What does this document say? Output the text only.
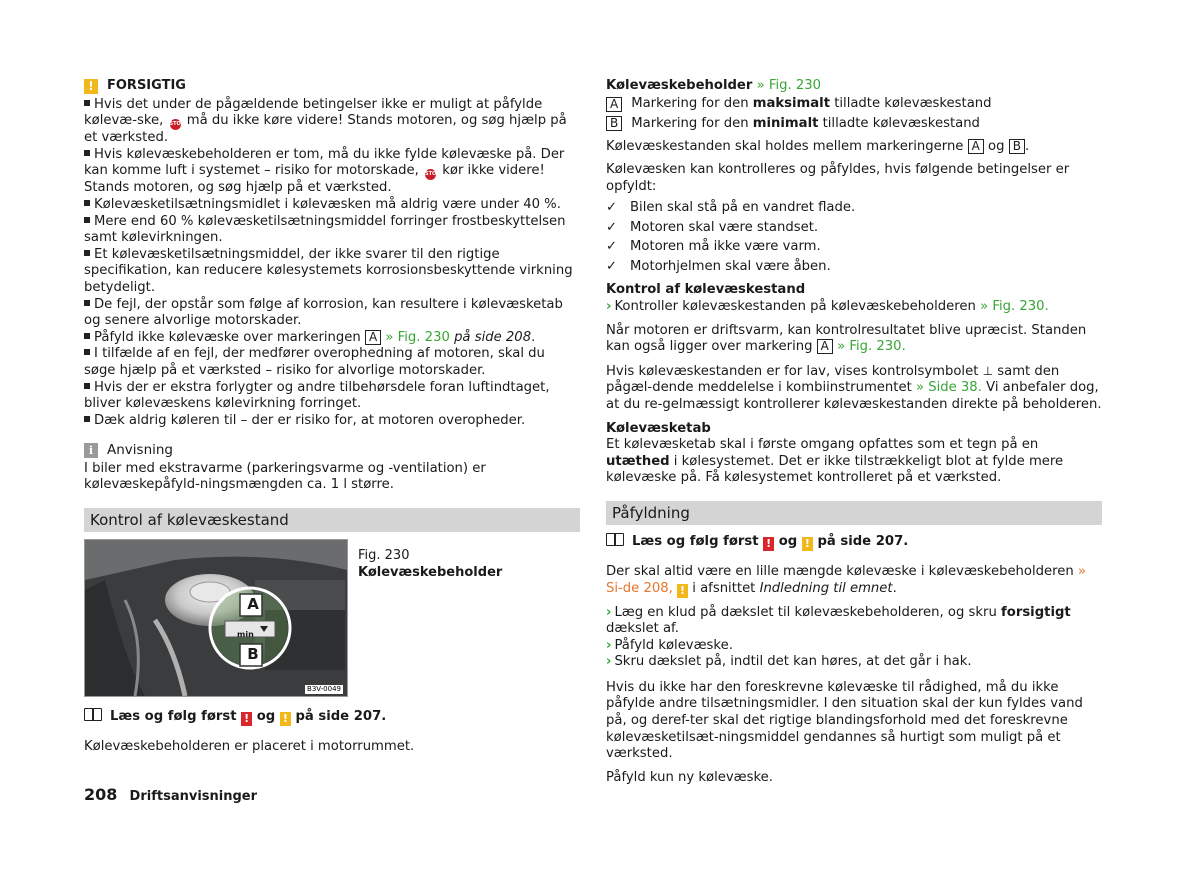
!	FORSIGTIG

Hvis det under de pågældende betingelser ikke er muligt at påfylde kølevæ-ske, STOP må du ikke køre videre! Stands motoren, og søg hjælp på et værksted.

Hvis kølevæskebeholderen er tom, må du ikke fylde kølevæske på. Der kan komme luft i systemet – risiko for motorskade, STOP kør ikke videre! Stands motoren, og søg hjælp på et værksted.

Kølevæsketilsætningsmidlet i kølevæsken må aldrig være under 40 %.

Mere end 60 % kølevæsketilsætningsmiddel forringer frostbeskyttelsen samt kølevirkningen.

Et kølevæsketilsætningsmiddel, der ikke svarer til den rigtige specifikation, kan reducere kølesystemets korrosionsbeskyttende virkning betydeligt.

De fejl, der opstår som følge af korrosion, kan resultere i kølevæsketab og senere alvorlige motorskader.

Påfyld ikke kølevæske over markeringen A » Fig. 230 på side 208.

I tilfælde af en fejl, der medfører overophedning af motoren, skal du søge hjælp på et værksted – risiko for alvorlige motorskader.

Hvis der er ekstra forlygter og andre tilbehørsdele foran luftindtaget, bliver kølevæskens kølevirkning forringet.

Dæk aldrig køleren til – der er risiko for, at motoren overopheder.

i	Anvisning

I biler med ekstravarme (parkeringsvarme og -ventilation) er kølevæskepåfyld-ningsmængden ca. 1 l større.

Kontrol af kølevæskestand
A
B
min
B3V-0049
Fig. 230
Kølevæskebeholder

Læs og følg først ! og ! på side 207.

Kølevæskebeholderen er placeret i motorrummet.

Kølevæskebeholder » Fig. 230

A Markering for den maksimalt tilladte kølevæskestand
B Markering for den minimalt tilladte kølevæskestand

Kølevæskestanden skal holdes mellem markeringerne A og B .

Kølevæsken kan kontrolleres og påfyldes, hvis følgende betingelser er opfyldt:

✓ Bilen skal stå på en vandret flade.

✓ Motoren skal være standset.

✓ Motoren må ikke være varm.

✓ Motorhjelmen skal være åben.

Kontrol af kølevæskestand

› Kontroller kølevæskestanden på kølevæskebeholderen » Fig. 230.

Når motoren er driftsvarm, kan kontrolresultatet blive upræcist. Standen kan også ligger over markering A » Fig. 230.

Hvis kølevæskestanden er for lav, vises kontrolsymbolet ⊥ samt den pågæl-dende meddelelse i kombiinstrumentet » Side 38. Vi anbefaler dog, at du re-gelmæssigt kontrollerer kølevæskestanden direkte på beholderen.

Kølevæsketab

Et kølevæsketab skal i første omgang opfattes som et tegn på en utæthed i kølesystemet. Det er ikke tilstrækkeligt blot at fylde mere kølevæske på. Få kølesystemet kontrolleret på et værksted.

Påfyldning

Læs og følg først ! og ! på side 207.

Der skal altid være en lille mængde kølevæske i kølevæskebeholderen » Si-de 208, ! i afsnittet Indledning til emnet.

› Læg en klud på dækslet til kølevæskebeholderen, og skru forsigtigt dækslet af.

› Påfyld kølevæske.

› Skru dækslet på, indtil det kan høres, at det går i hak.

Hvis du ikke har den foreskrevne kølevæske til rådighed, må du ikke påfylde andre tilsætningsmidler. I den situation skal der kun fyldes vand på, og deref-ter skal det rigtige blandingsforhold med det foreskrevne kølevæsketilsæt-ningsmiddel gendannes så hurtigt som muligt på et værksted.

Påfyld kun ny kølevæske.

208 Driftsanvisninger
